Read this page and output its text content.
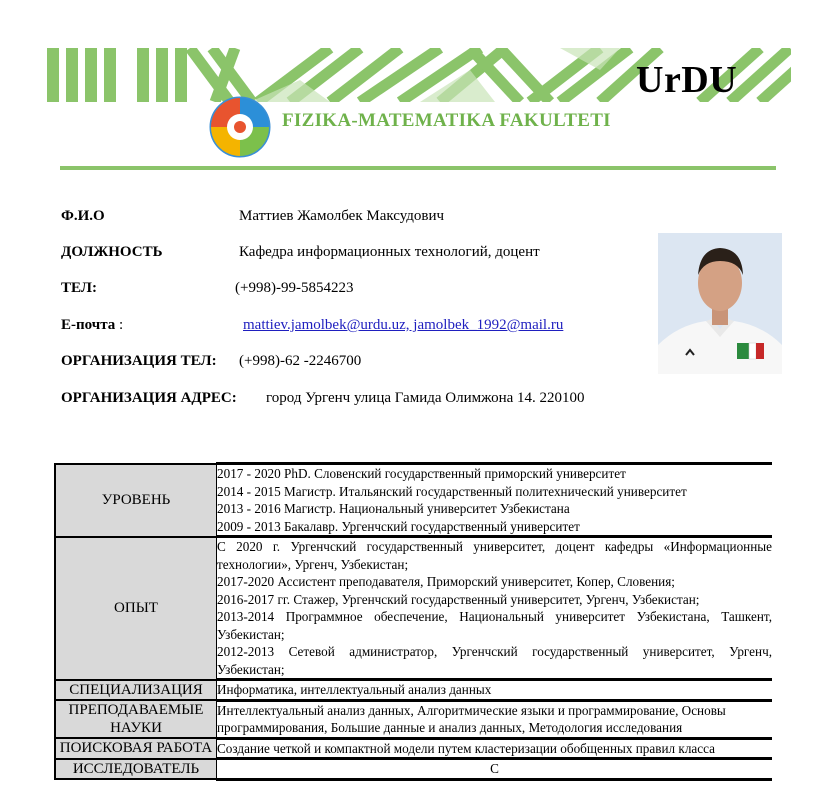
UrDU
FIZIKA-MATEMATIKA FAKULTETI
Ф.И.О	Маттиев Жамолбек Максудович
ДОЛЖНОСТЬ	Кафедра информационных технологий, доцент
ТЕЛ:	(+998)-99-5854223
E-почта :	mattiev.jamolbek@urdu.uz, jamolbek_1992@mail.ru
ОРГАНИЗАЦИЯ ТЕЛ: (+998)-62 -2246700
ОРГАНИЗАЦИЯ АДРЕС: город Ургенч улица Гамида Олимжона 14. 220100
УРОВЕНЬ	2017 - 2020 PhD. Словенский государственный приморский университет
2014 - 2015 Магистр. Итальянский государственный политехнический университет
2013 - 2016 Магистр. Национальный университет Узбекистана
2009 - 2013 Бакалавр. Ургенчский государственный университет

ОПЫТ	С 2020 г. Ургенчский государственный университет, доцент кафедры «Информационные технологии», Ургенч, Узбекистан;
2017-2020 Ассистент преподавателя, Приморский университет, Копер, Словения;
2016-2017 гг. Стажер, Ургенчский государственный университет, Ургенч, Узбекистан;
2013-2014 Программное обеспечение, Национальный университет Узбекистана, Ташкент, Узбекистан;
2012-2013 Сетевой администратор, Ургенчский государственный университет, Ургенч, Узбекистан;

СПЕЦИАЛИЗАЦИЯ	Информатика, интеллектуальный анализ данных

ПРЕПОДАВАЕМЫЕ НАУКИ	Интеллектуальный анализ данных, Алгоритмические языки и программирование, Основы программирования, Большие данные и анализ данных, Методология исследования

ПОИСКОВАЯ РАБОТА	Создание четкой и компактной модели путем кластеризации обобщенных правил класса

ИССЛЕДОВАТЕЛЬ	С
